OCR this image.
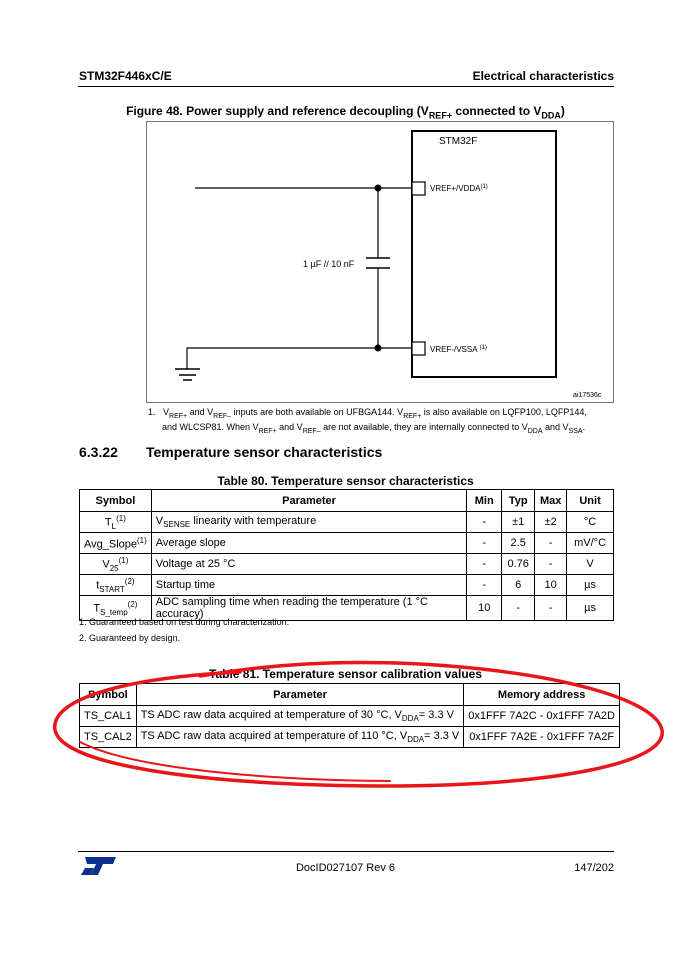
STM32F446xC/E	Electrical characteristics
Figure 48. Power supply and reference decoupling ($V_{REF+}$ connected to $V_{DDA}$)
STM32F
$VREF+/VDDA^{(1)}$
VREF-/VSSA $^{(1)}$
1 µF // 10 nF
ai17536c
1. $V_{REF+}$ and $V_{REF-}$ inputs are both available on UFBGA144. $V_{REF+}$ is also available on LQFP100, LQFP144,
and WLCSP81. When $V_{REF+}$ and $V_{REF-}$ are not available, they are internally connected to $V_{DDA}$ and $V_{SSA}$.
6.3.22 Temperature sensor characteristics
Table 80. Temperature sensor characteristics
Symbol	Parameter	Min	Typ	Max	Unit
$T_L^{(1)}$	$V_{SENSE}$ linearity with temperature	-	±1	±2	°C
Avg_Slope$^{(1)}$	Average slope	-	2.5	-	mV/°C
$V_{25}^{(1)}$	Voltage at 25 °C	-	0.76	-	V
$t_{START}^{(2)}$	Startup time	-	6	10	µs
$T_{S\_temp}^{(2)}$	ADC sampling time when reading the temperature (1 °C accuracy)	10	-	-	µs
1. Guaranteed based on test during characterization.
2. Guaranteed by design.
Table 81. Temperature sensor calibration values
Symbol	Parameter	Memory address
TS_CAL1	TS ADC raw data acquired at temperature of 30 °C, $V_{DDA}= 3.3$ V	0x1FFF 7A2C - 0x1FFF 7A2D
TS_CAL2	TS ADC raw data acquired at temperature of 110 °C, $V_{DDA}= 3.3$ V	0x1FFF 7A2E - 0x1FFF 7A2F
ST	DocID027107 Rev 6	147/202
